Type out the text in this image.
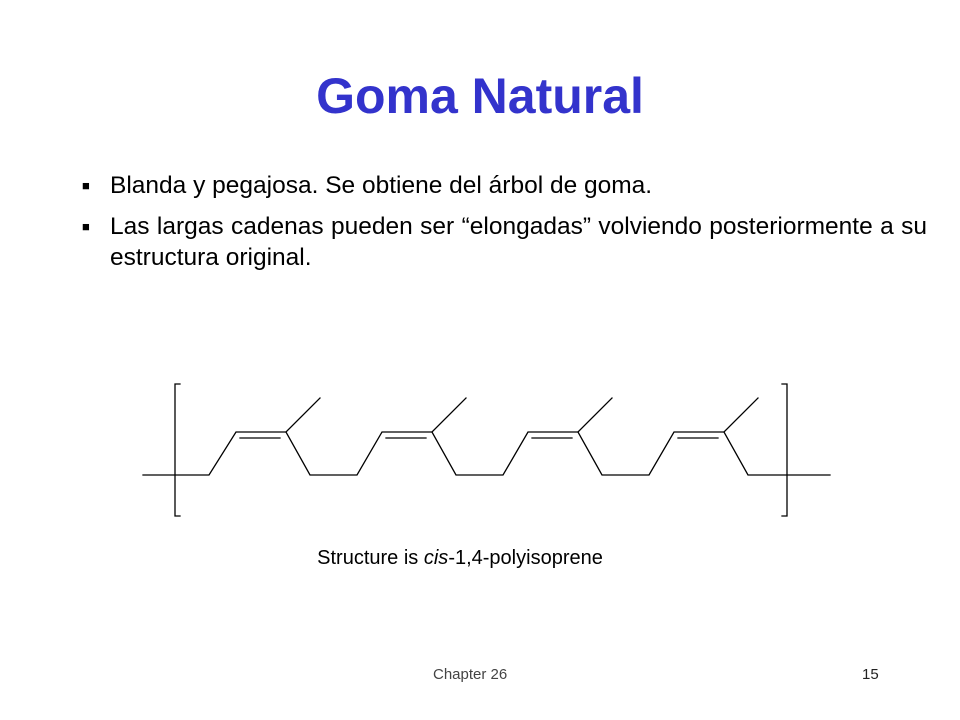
Goma Natural
■ Blanda y pegajosa. Se obtiene del árbol de goma.
■ Las largas cadenas pueden ser “elongadas” volviendo posteriormente a su estructura original.
Structure is cis-1,4-polyisoprene
Chapter 26	15
